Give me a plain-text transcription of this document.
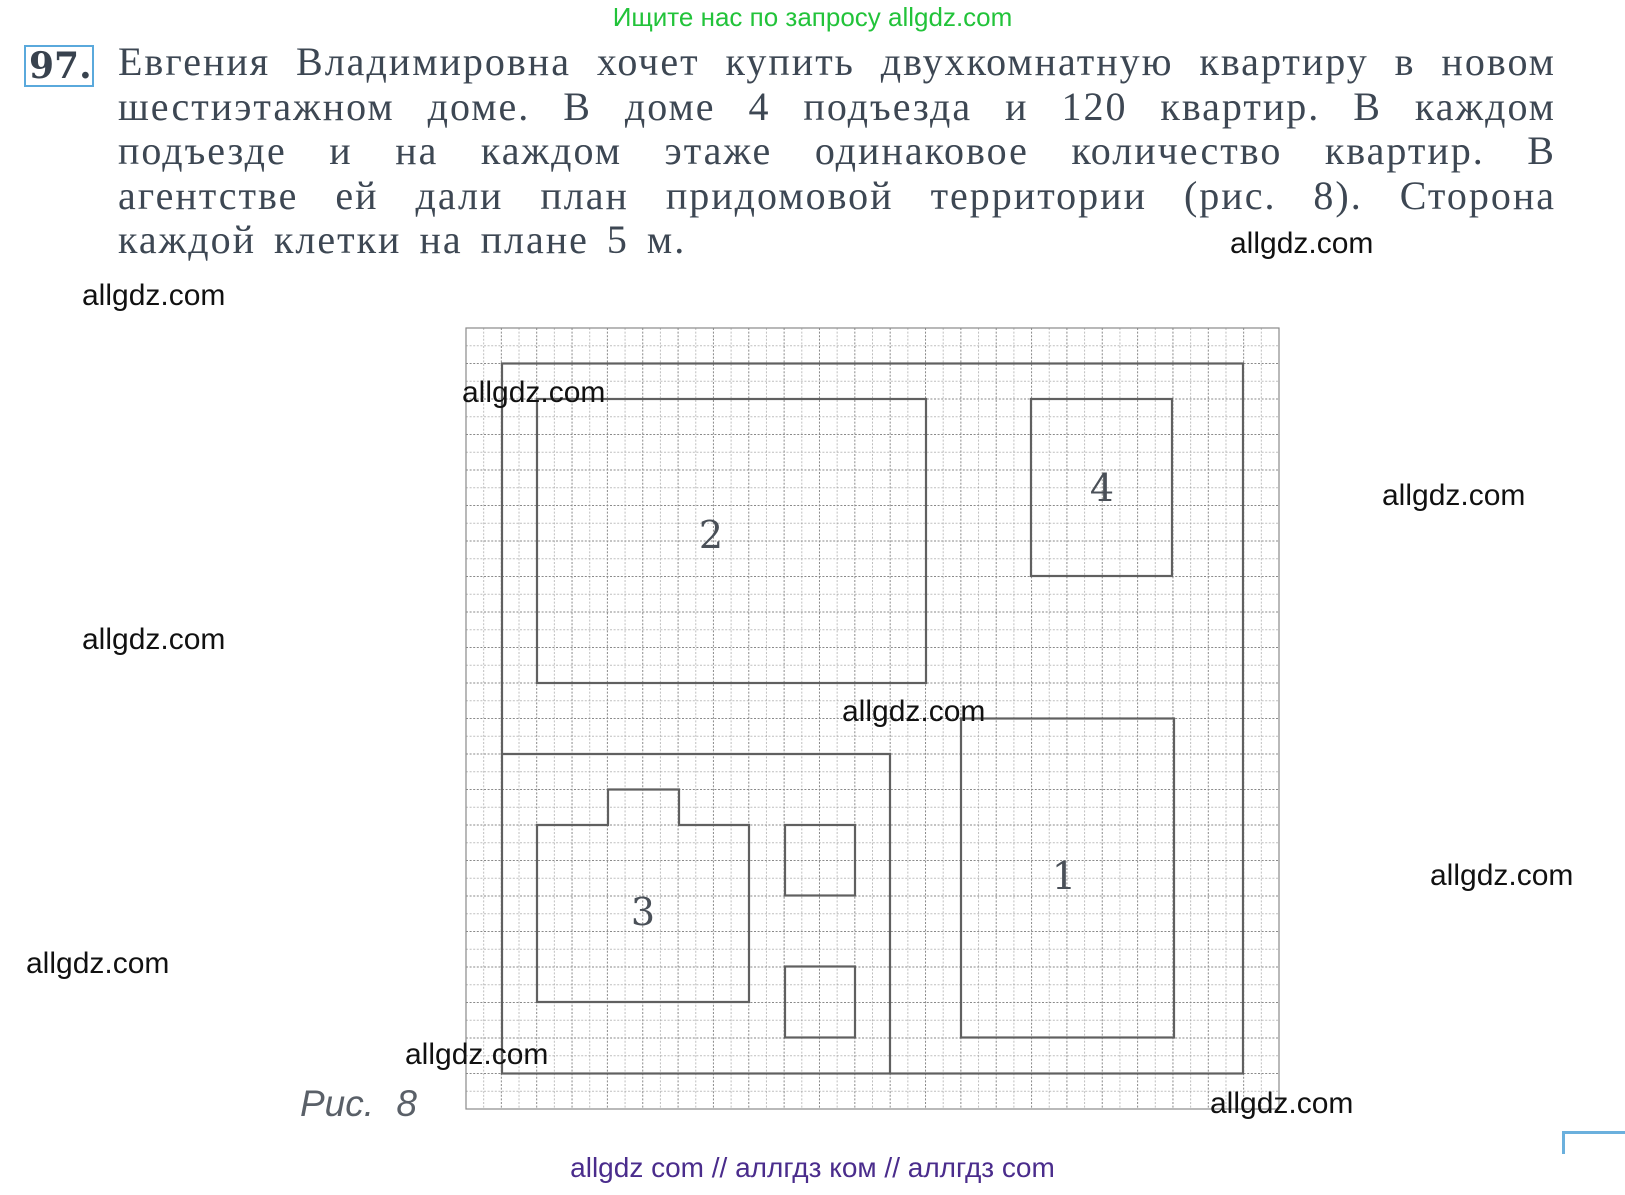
Ищите нас по запросу allgdz.com
97. Евгения Владимировна хочет купить двухкомнатную квартиру в новом шестиэтажном доме. В доме 4 подъезда и 120 квартир. В каждом подъезде и на каждом этаже одинаковое количество квартир. В агентстве ей дали план придомовой территории (рис. 8). Сторона каждой клетки на плане 5 м.

2
4
1
3
Рис. 8
allgdz.com
allgdz.com
allgdz.com
allgdz.com
allgdz.com
allgdz.com
allgdz.com
allgdz.com
allgdz.com
allgdz.com
allgdz com // аллгдз ком // аллгдз com
